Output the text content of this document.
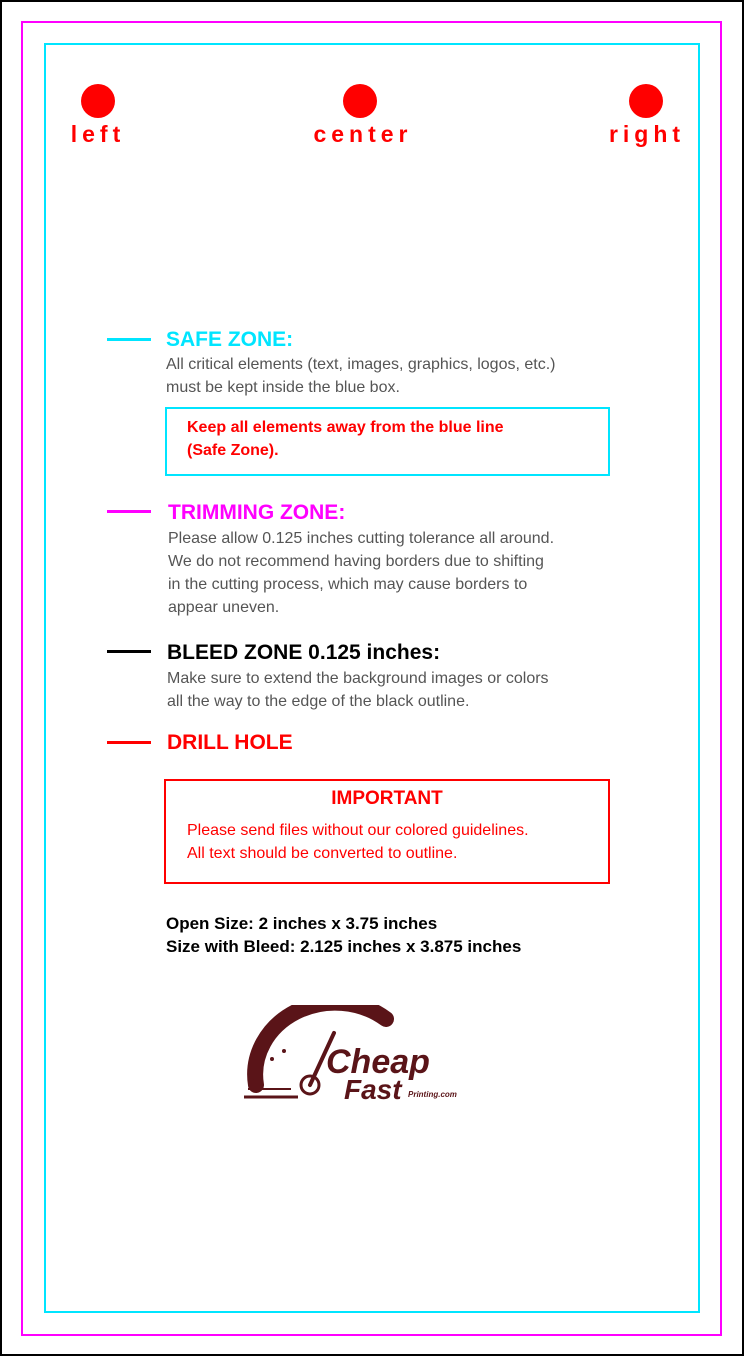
left	center	right
SAFE ZONE:
All critical elements (text, images, graphics, logos, etc.)
must be kept inside the blue box.
Keep all elements away from the blue line
(Safe Zone).
TRIMMING ZONE:
Please allow 0.125 inches cutting tolerance all around.
We do not recommend having borders due to shifting
in the cutting process, which may cause borders to
appear uneven.
BLEED ZONE 0.125 inches:
Make sure to extend the background images or colors
all the way to the edge of the black outline.
DRILL HOLE
IMPORTANT
Please send files without our colored guidelines.
All text should be converted to outline.
Open Size: 2 inches x 3.75 inches
Size with Bleed: 2.125 inches x 3.875 inches
Cheap
Fast Printing.com
